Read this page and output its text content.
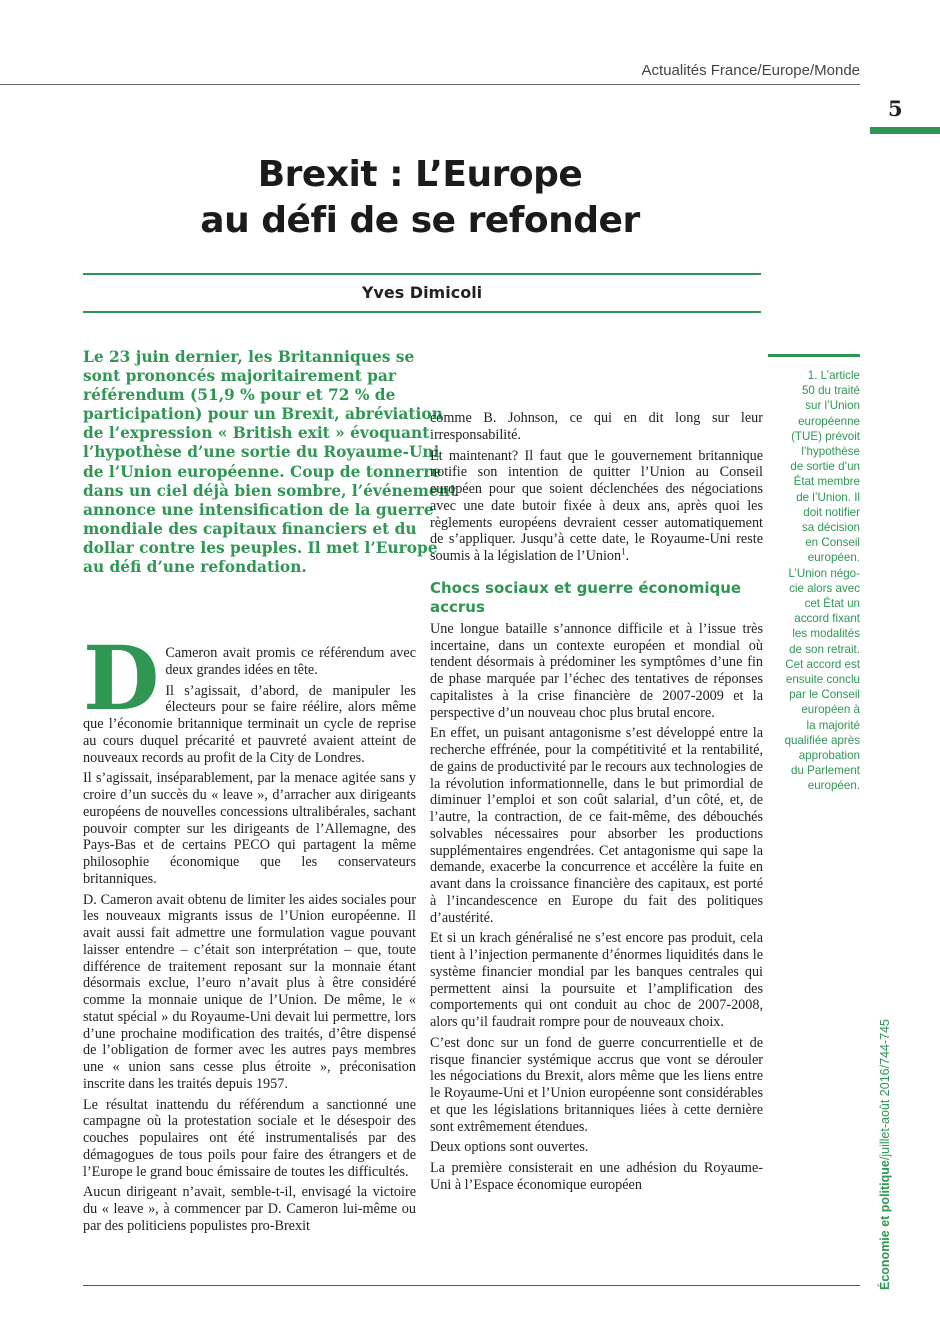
Actualités France/Europe/Monde
5
Brexit : L’Europe
au défi de se refonder
Yves Dimicoli
Le 23 juin dernier, les Britanniques se
sont prononcés majoritairement par
référendum (51,9 % pour et 72 % de
participation) pour un Brexit, abréviation
de l’expression « British exit » évoquant
l’hypothèse d’une sortie du Royaume-Uni
de l’Union européenne. Coup de tonnerre
dans un ciel déjà bien sombre, l’événement
annonce une intensification de la guerre
mondiale des capitaux financiers et du
dollar contre les peuples. Il met l’Europe
au défi d’une refondation.

D Cameron avait promis ce référendum avec deux grandes idées en tête.

Il s’agissait, d’abord, de manipuler les électeurs pour se faire réélire, alors même que l’économie britannique terminait un cycle de reprise au cours duquel précarité et pauvreté avaient atteint de nouveaux records au profit de la City de Londres.

Il s’agissait, inséparablement, par la menace agitée sans y croire d’un succès du « leave », d’arracher aux dirigeants européens de nouvelles concessions ultralibérales, sachant pouvoir compter sur les dirigeants de l’Allemagne, des Pays-Bas et de certains PECO qui partagent la même philosophie économique que les conservateurs britanniques.

D. Cameron avait obtenu de limiter les aides sociales pour les nouveaux migrants issus de l’Union européenne. Il avait aussi fait admettre une formulation vague pouvant laisser entendre – c’était son interprétation – que, toute différence de traitement reposant sur la monnaie étant désormais exclue, l’euro n’avait plus à être considéré comme la monnaie unique de l’Union. De même, le « statut spécial » du Royaume-Uni devait lui permettre, lors d’une prochaine modification des traités, d’être dispensé de l’obligation de former avec les autres pays membres une « union sans cesse plus étroite », préconisation inscrite dans les traités depuis 1957.

Le résultat inattendu du référendum a sanctionné une campagne où la protestation sociale et le désespoir des couches populaires ont été instrumentalisés par des démagogues de tous poils pour faire des étrangers et de l’Europe le grand bouc émissaire de toutes les difficultés.

Aucun dirigeant n’avait, semble-t-il, envisagé la victoire du « leave », à commencer par D. Cameron lui-même ou par des politiciens populistes pro-Brexit

comme B. Johnson, ce qui en dit long sur leur irresponsabilité.

Et maintenant? Il faut que le gouvernement britannique notifie son intention de quitter l’Union au Conseil européen pour que soient déclenchées des négociations avec une date butoir fixée à deux ans, après quoi les règlements européens devraient cesser automatiquement de s’appliquer. Jusqu’à cette date, le Royaume-Uni reste soumis à la législation de l’Union$^1$.

Chocs sociaux et guerre économique accrus

Une longue bataille s’annonce difficile et à l’issue très incertaine, dans un contexte européen et mondial où tendent désormais à prédominer les symptômes d’une fin de phase marquée par l’échec des tentatives de réponses capitalistes à la crise financière de 2007-2009 et la perspective d’un nouveau choc plus brutal encore.

En effet, un puisant antagonisme s’est développé entre la recherche effrénée, pour la compétitivité et la rentabilité, de gains de productivité par le recours aux technologies de la révolution informationnelle, dans le but primordial de diminuer l’emploi et son coût salarial, d’un côté, et, de l’autre, la contraction, de ce fait-même, des débouchés solvables nécessaires pour absorber les productions supplémentaires engendrées. Cet antagonisme qui sape la demande, exacerbe la concurrence et accélère la fuite en avant dans la croissance financière des capitaux, est porté à l’incandescence en Europe du fait des politiques d’austérité.

Et si un krach généralisé ne s’est encore pas produit, cela tient à l’injection permanente d’énormes liquidités dans le système financier mondial par les banques centrales qui permettent ainsi la poursuite et l’amplification des comportements qui ont conduit au choc de 2007-2008, alors qu’il faudrait rompre pour de nouveaux choix.

C’est donc sur un fond de guerre concurrentielle et de risque financier systémique accrus que vont se dérouler les négociations du Brexit, alors même que les liens entre le Royaume-Uni et l’Union européenne sont considérables et que les législations britanniques liées à cette dernière sont extrêmement étendues.

Deux options sont ouvertes.

La première consisterait en une adhésion du Royaume-Uni à l’Espace économique européen

1. L’article
50 du traité
sur l’Union
européenne
(TUE) prévoit
l’hypothèse
de sortie d’un
État membre
de l’Union. Il
doit notifier
sa décision
en Conseil
européen.
L’Union négo-
cie alors avec
cet État un
accord fixant
les modalités
de son retrait.
Cet accord est
ensuite conclu
par le Conseil
européen à
la majorité
qualifiée après
approbation
du Parlement
européen.
Économie et politique/juillet-août 2016/744-745
